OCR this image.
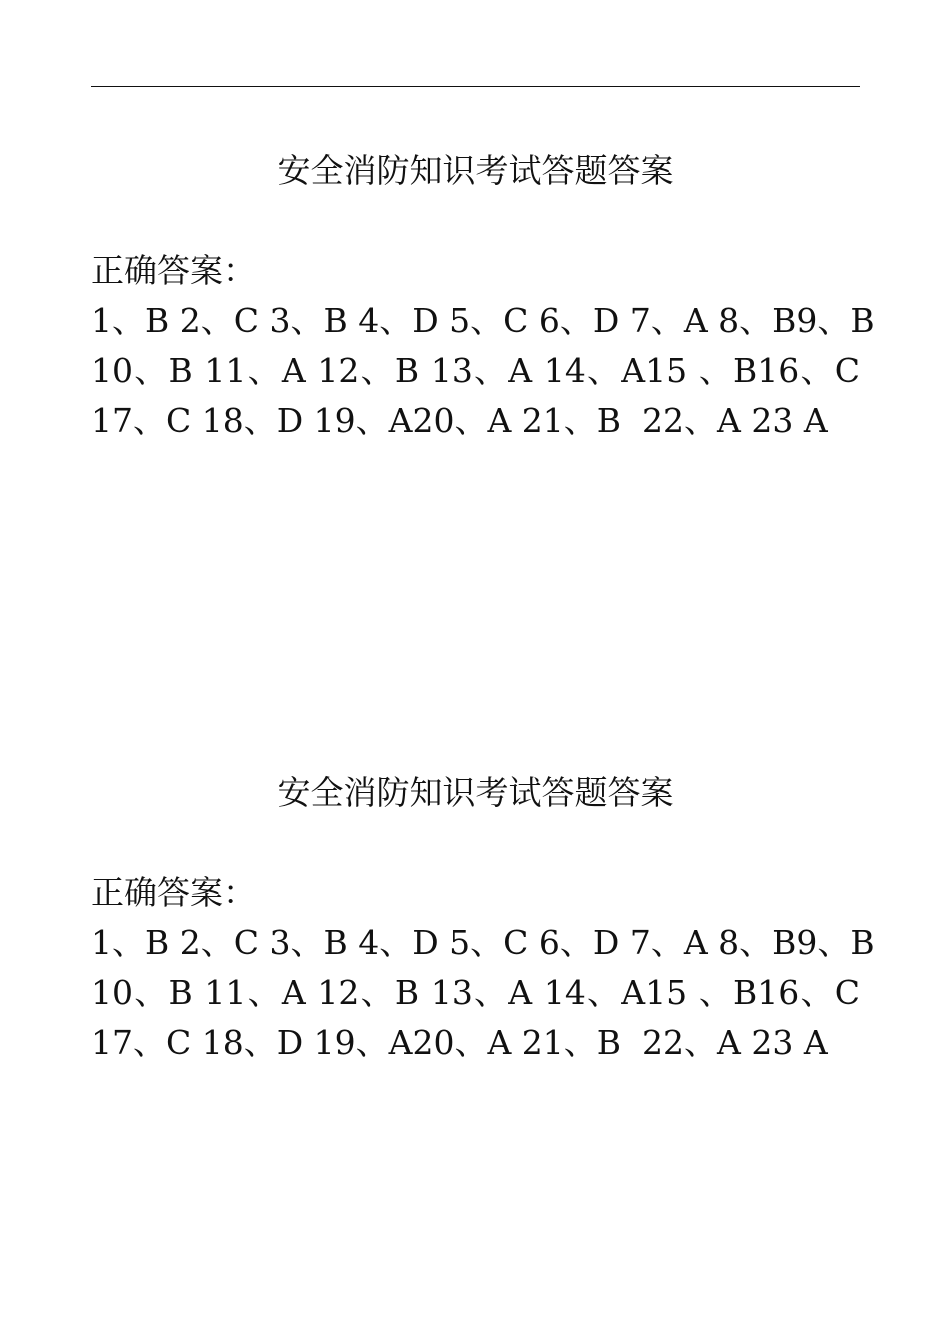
安全消防知识考试答题答案
正确答案：
1、B 2、C 3、B 4、D 5、C 6、D 7、A 8、B9、B
10、B 11、A 12、B 13、A 14、A15 、B16、C
17、C 18、D 19、A20、A 21、B  22、A 23 A
安全消防知识考试答题答案
正确答案：
1、B 2、C 3、B 4、D 5、C 6、D 7、A 8、B9、B
10、B 11、A 12、B 13、A 14、A15 、B16、C
17、C 18、D 19、A20、A 21、B  22、A 23 A
